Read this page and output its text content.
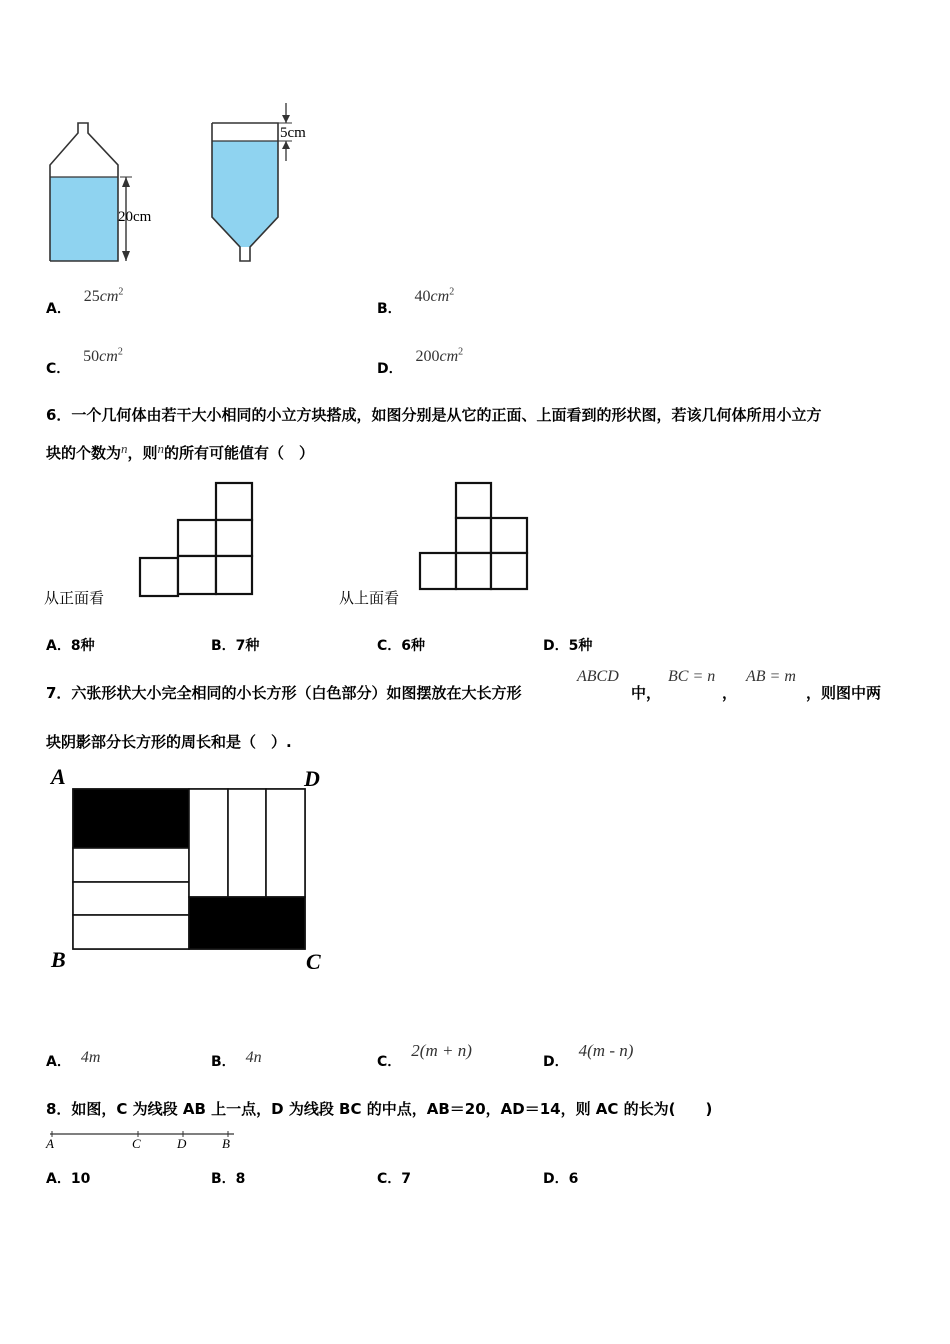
20cm
5cm
A． $25cm^2$
B． $40cm^2$
C． $50cm^2$
D． $200cm^2$
6．一个几何体由若干大小相同的小立方块搭成，如图分别是从它的正面、上面看到的形状图，若该几何体所用小立方
块的个数为n，则n的所有可能值有（　）
从正面看	从上面看
A．8种	B．7种	C．6种	D．5种
7．六张形状大小完全相同的小长方形（白色部分）如图摆放在大长方形
ABCD
中，
BC = n
，
AB = m
，则图中两
块阴影部分长方形的周长和是（　）.
A	D
B	C
A． 4m	B． 4n	C．2(m + n)
D．4(m - n)
8．如图，C 为线段 AB 上一点，D 为线段 BC 的中点，AB＝20，AD＝14，则 AC 的长为(　　)
A	C	D	B
A．10	B．8	C．7	D．6
